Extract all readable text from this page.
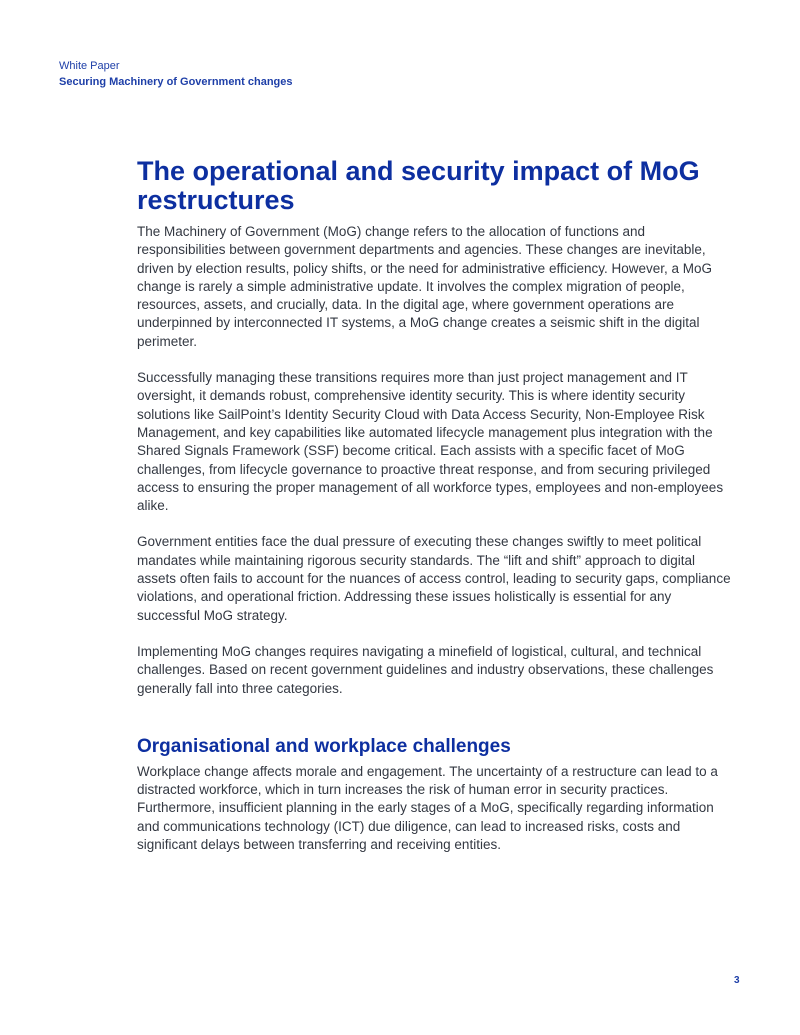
White Paper
Securing Machinery of Government changes
The operational and security impact of MoG restructures

The Machinery of Government (MoG) change refers to the allocation of functions and responsibilities between government departments and agencies. These changes are inevitable, driven by election results, policy shifts, or the need for administrative efficiency. However, a MoG change is rarely a simple administrative update. It involves the complex migration of people, resources, assets, and crucially, data. In the digital age, where government operations are underpinned by interconnected IT systems, a MoG change creates a seismic shift in the digital perimeter.

Successfully managing these transitions requires more than just project management and IT oversight, it demands robust, comprehensive identity security. This is where identity security solutions like SailPoint’s Identity Security Cloud with Data Access Security, Non-Employee Risk Management, and key capabilities like automated lifecycle management plus integration with the Shared Signals Framework (SSF) become critical. Each assists with a specific facet of MoG challenges, from lifecycle governance to proactive threat response, and from securing privileged access to ensuring the proper management of all workforce types, employees and non-employees alike.

Government entities face the dual pressure of executing these changes swiftly to meet political mandates while maintaining rigorous security standards. The “lift and shift” approach to digital assets often fails to account for the nuances of access control, leading to security gaps, compliance violations, and operational friction. Addressing these issues holistically is essential for any successful MoG strategy.

Implementing MoG changes requires navigating a minefield of logistical, cultural, and technical challenges. Based on recent government guidelines and industry observations, these challenges generally fall into three categories.

Organisational and workplace challenges

Workplace change affects morale and engagement. The uncertainty of a restructure can lead to a distracted workforce, which in turn increases the risk of human error in security practices. Furthermore, insufficient planning in the early stages of a MoG, specifically regarding information and communications technology (ICT) due diligence, can lead to increased risks, costs and significant delays between transferring and receiving entities.

3
